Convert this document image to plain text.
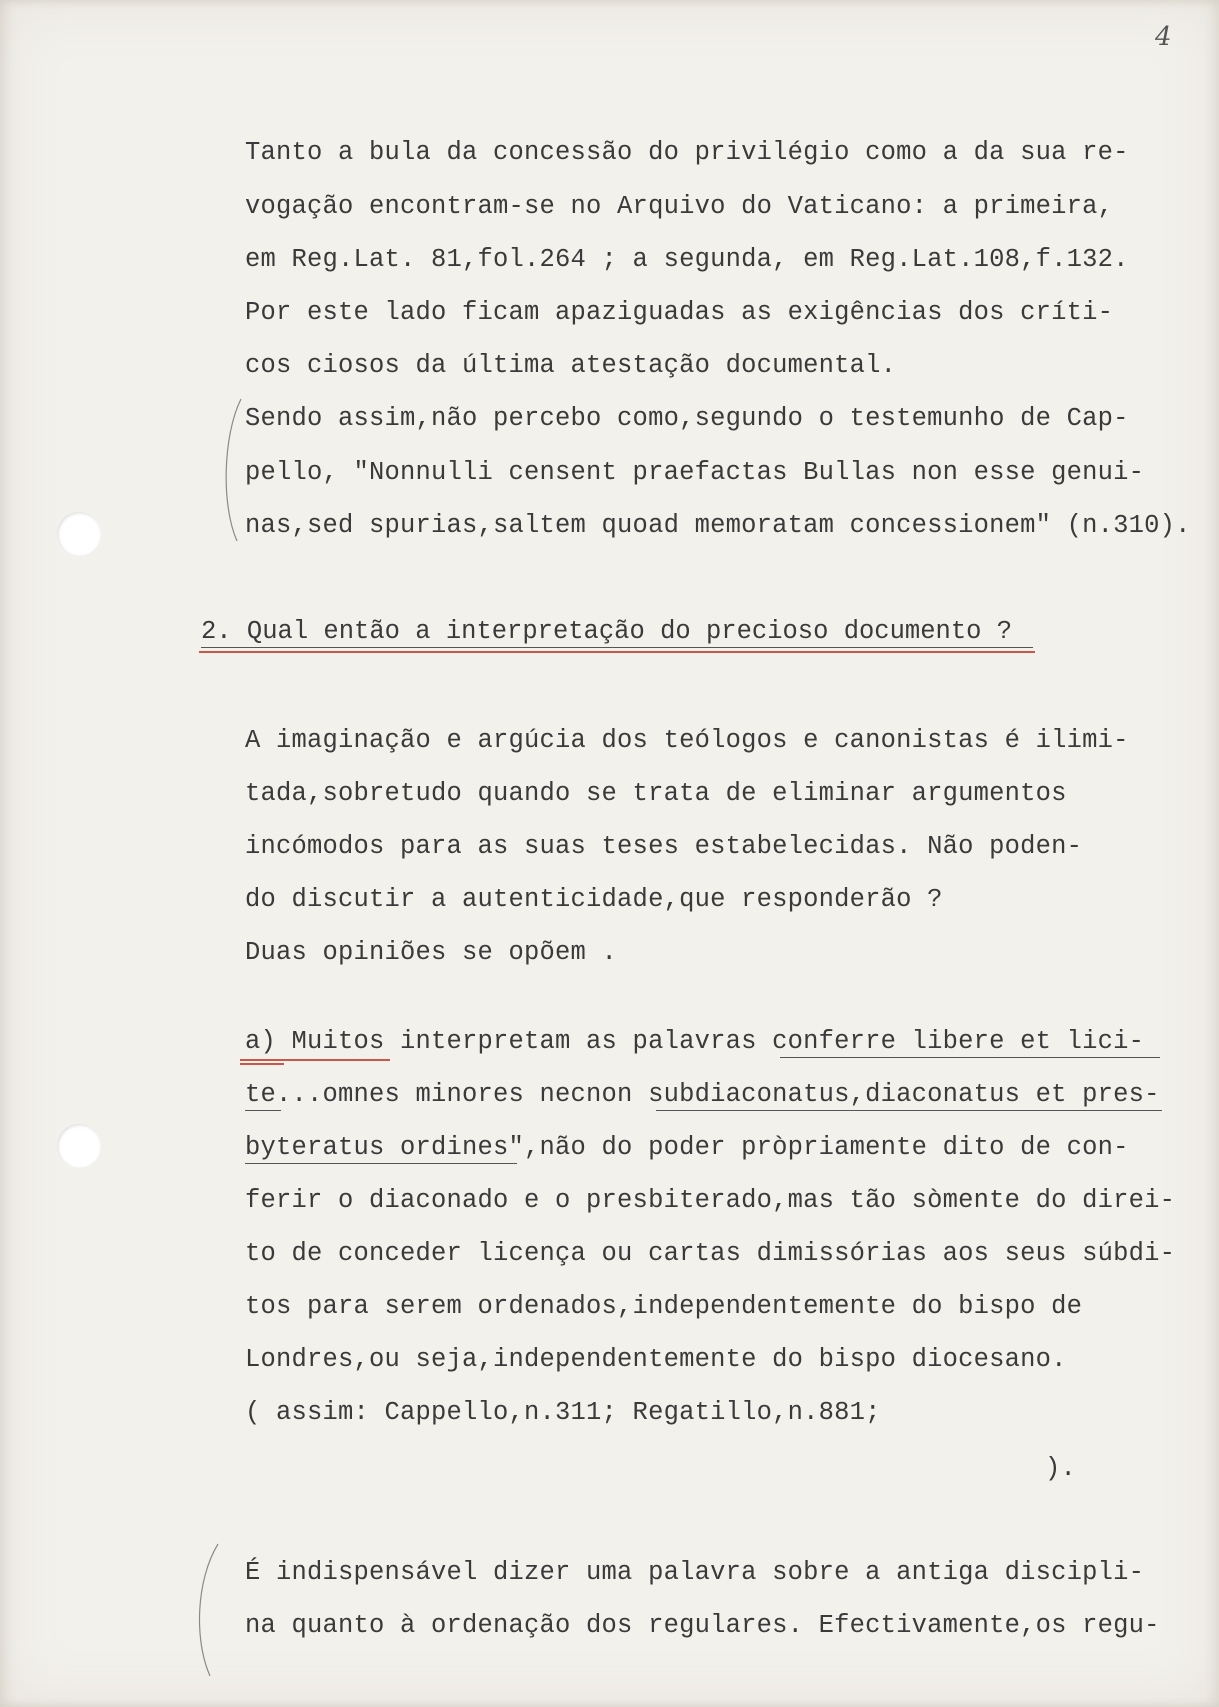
4
Tanto a bula da concessão do privilégio como a da sua re-
vogação encontram-se no Arquivo do Vaticano: a primeira,
em Reg.Lat. 81,fol.264 ; a segunda, em Reg.Lat.108,f.132.
Por este lado ficam apaziguadas as exigências dos críti-
cos ciosos da última atestação documental.
Sendo assim,não percebo como,segundo o testemunho de Cap-
pello, "Nonnulli censent praefactas Bullas non esse genui-
nas,sed spurias,saltem quoad memoratam concessionem" (n.310).
2. Qual então a interpretação do precioso documento ?
A imaginação e argúcia dos teólogos e canonistas é ilimi-
tada,sobretudo quando se trata de eliminar argumentos
incómodos para as suas teses estabelecidas. Não poden-
do discutir a autenticidade,que responderão ?
Duas opiniões se opõem .
a) Muitos interpretam as palavras conferre libere et lici-
te...omnes minores necnon subdiaconatus,diaconatus et pres-
byteratus ordines",não do poder pròpriamente dito de con-
ferir o diaconado e o presbiterado,mas tão sòmente do direi-
to de conceder licença ou cartas dimissórias aos seus súbdi-
tos para serem ordenados,independentemente do bispo de
Londres,ou seja,independentemente do bispo diocesano.
( assim: Cappello,n.311; Regatillo,n.881;
).
É indispensável dizer uma palavra sobre a antiga discipli-
na quanto à ordenação dos regulares. Efectivamente,os regu-
